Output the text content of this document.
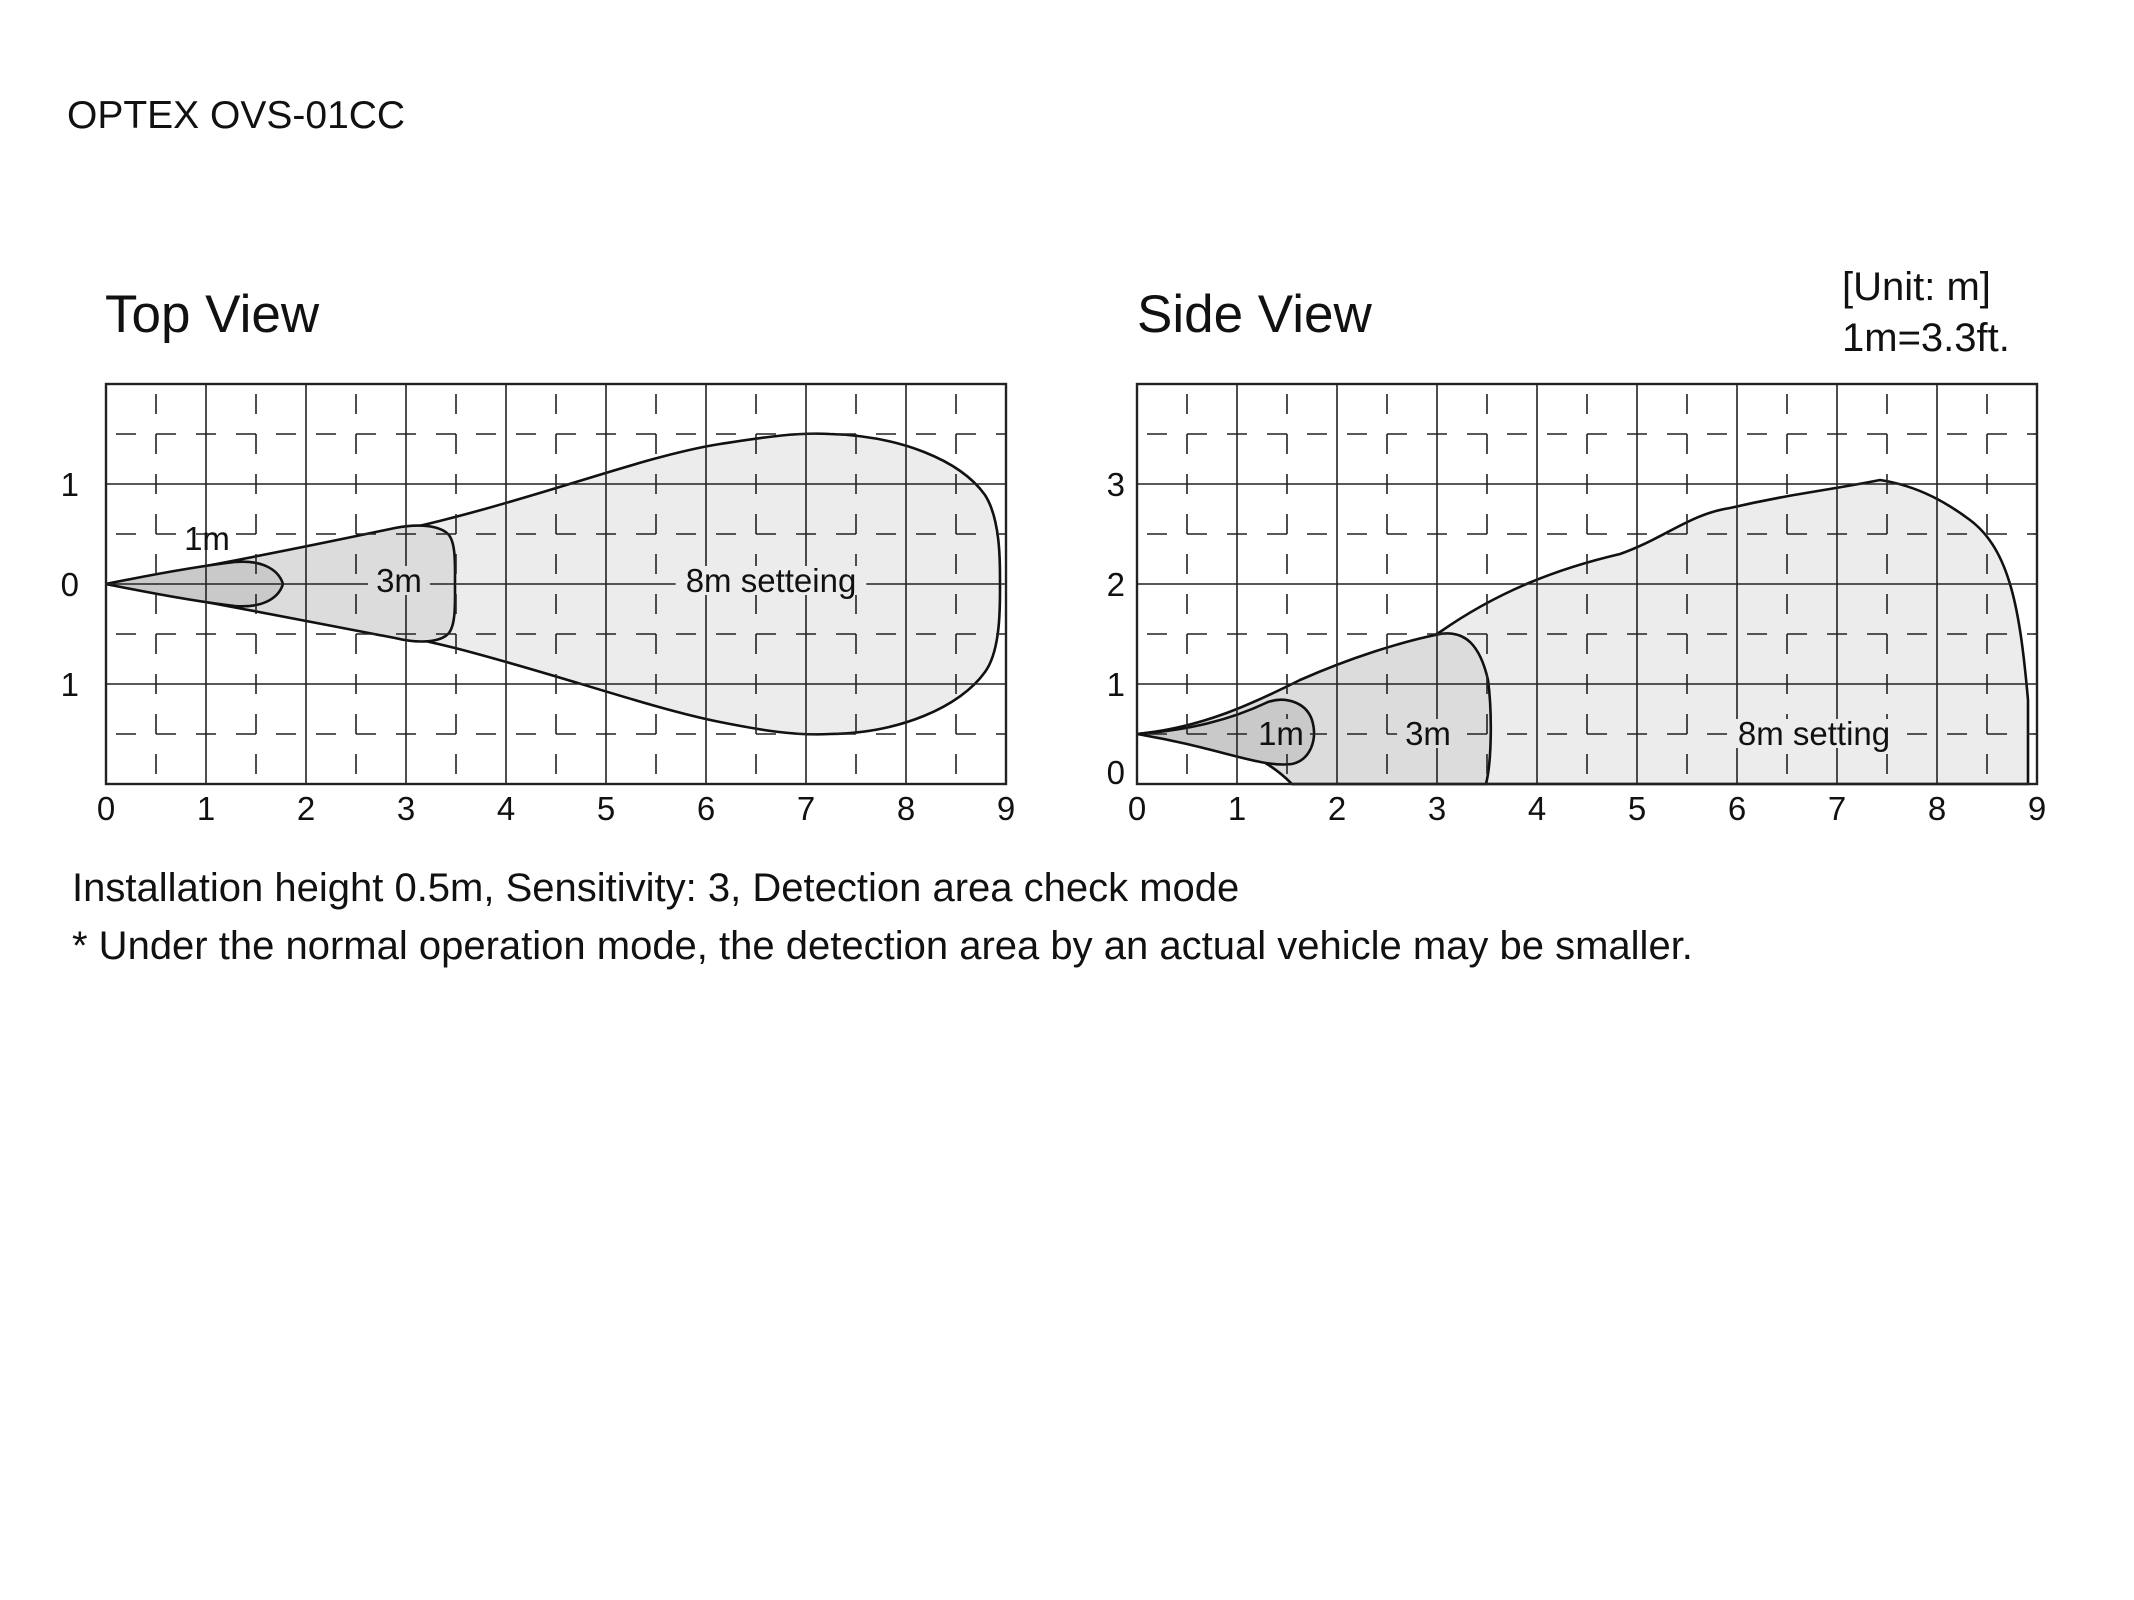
OPTEX OVS-01CC
Top View	Side View	[Unit: m]
1m=3.3ft.
Installation height 0.5m, Sensitivity: 3, Detection area check mode
* Under the normal operation mode, the detection area by an actual vehicle may be smaller.
0 1 2 3 4 5 6 7 8 9
1
0
1
1m
3m	8m setteing
0 1 2 3 4 5 6 7 8 9
3
2
1
0
1m	3m	8m setting
